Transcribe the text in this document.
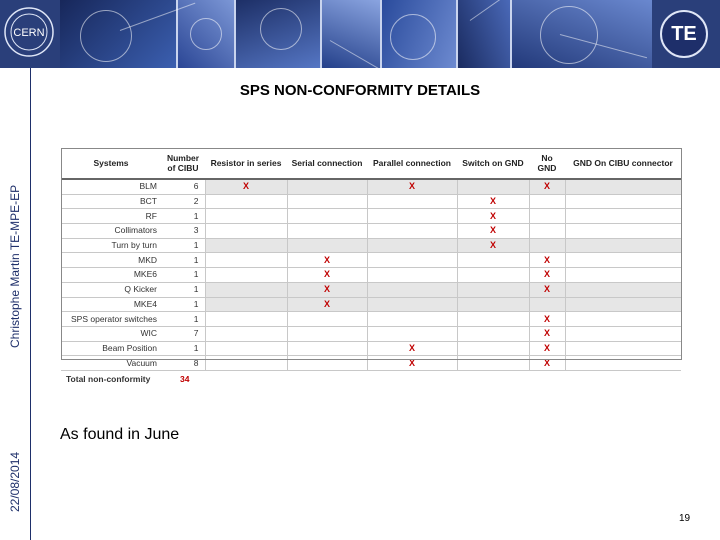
CERN	TE
Christophe Martin TE-MPE-EP
22/08/2014
SPS NON-CONFORMITY DETAILS
Systems	Number of CIBU	Resistor in series	Serial connection	Parallel connection	Switch on GND	No GND	GND On CIBU connector
BLM	6	X		X		X	
BCT	2				X		
RF	1				X		
Collimators	3				X		
Turn by turn	1				X		
MKD	1		X			X	
MKE6	1		X			X	
Q Kicker	1		X			X	
MKE4	1		X				
SPS operator switches	1					X	
WIC	7					X	
Beam Position	1			X		X	
Vacuum	8			X		X	
Total non-conformity	34
As found in June
19
